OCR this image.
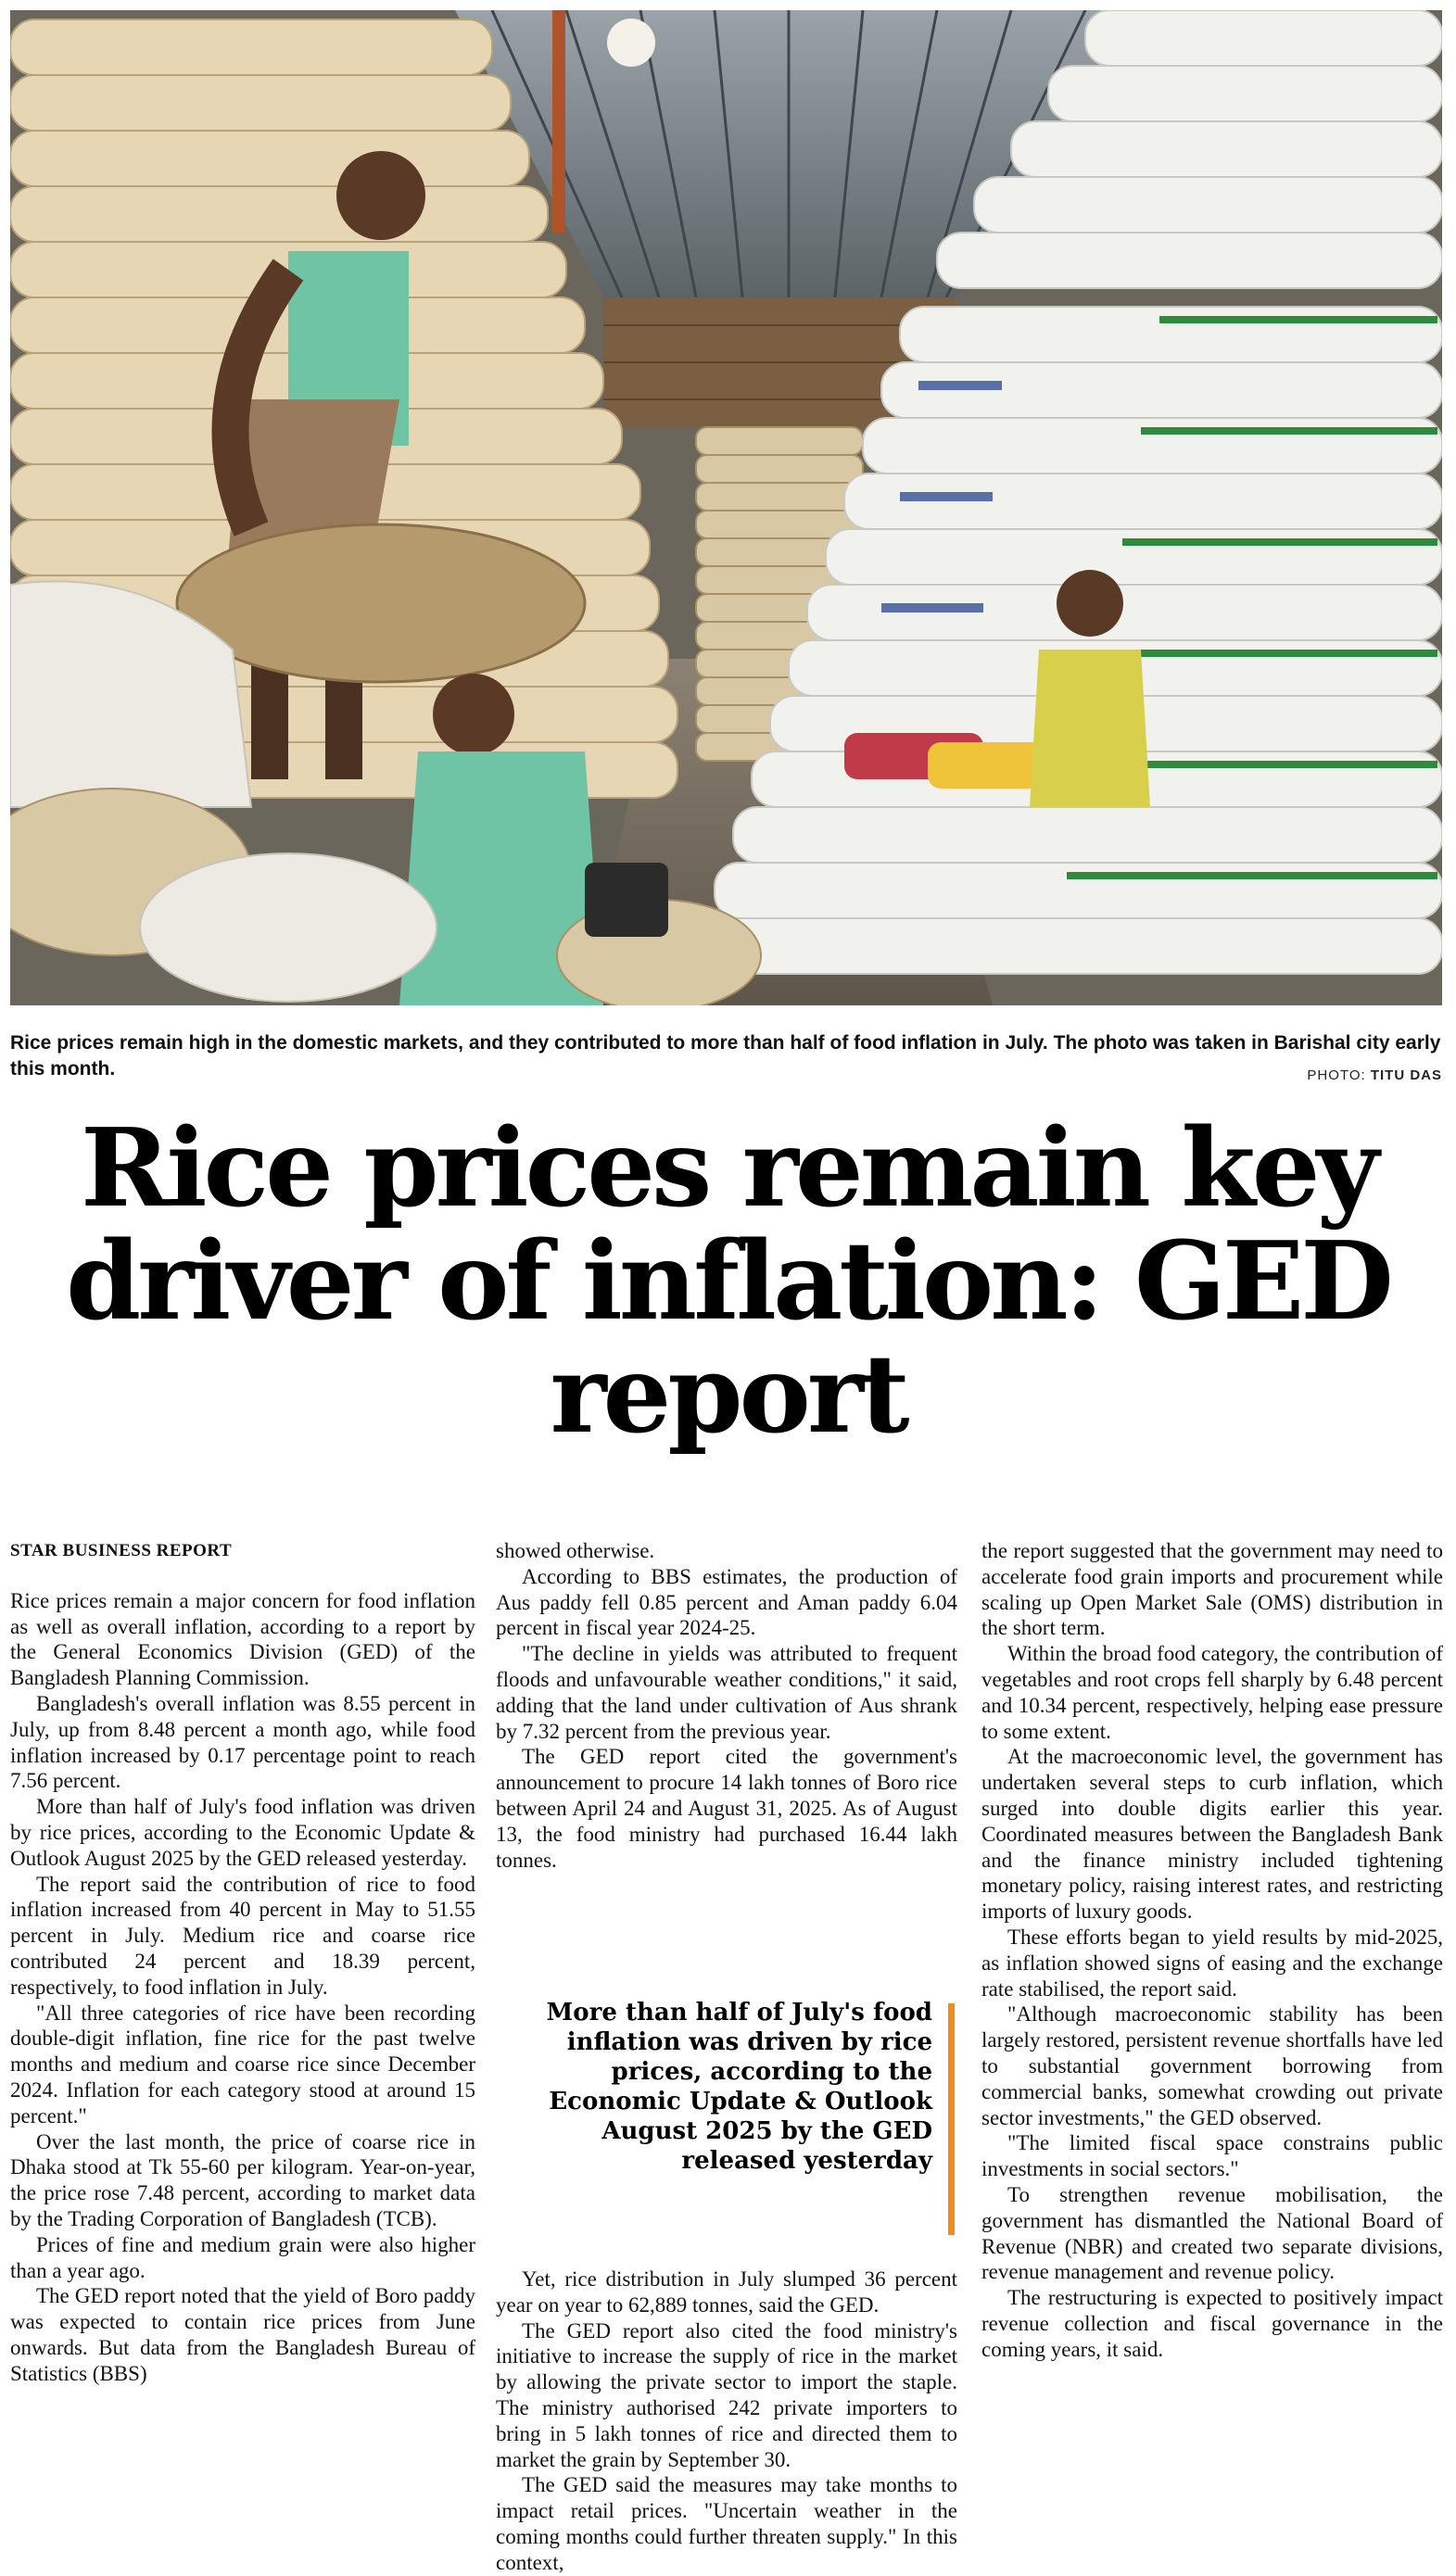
Rice prices remain high in the domestic markets, and they contributed to more than half of food inflation in July. The photo was taken in Barishal city early this month.	PHOTO: TITU DAS
Rice prices remain key driver of inflation: GED report
STAR BUSINESS REPORT

Rice prices remain a major concern for food inflation as well as overall inflation, according to a report by the General Economics Division (GED) of the Bangladesh Planning Commission.

Bangladesh's overall inflation was 8.55 percent in July, up from 8.48 percent a month ago, while food inflation increased by 0.17 percentage point to reach 7.56 percent.

More than half of July's food inflation was driven by rice prices, according to the Economic Update & Outlook August 2025 by the GED released yesterday.

The report said the contribution of rice to food inflation increased from 40 percent in May to 51.55 percent in July. Medium rice and coarse rice contributed 24 percent and 18.39 percent, respectively, to food inflation in July.

"All three categories of rice have been recording double-digit inflation, fine rice for the past twelve months and medium and coarse rice since December 2024. Inflation for each category stood at around 15 percent."

Over the last month, the price of coarse rice in Dhaka stood at Tk 55-60 per kilogram. Year-on-year, the price rose 7.48 percent, according to market data by the Trading Corporation of Bangladesh (TCB).

Prices of fine and medium grain were also higher than a year ago.

The GED report noted that the yield of Boro paddy was expected to contain rice prices from June onwards. But data from the Bangladesh Bureau of Statistics (BBS)

showed otherwise.

According to BBS estimates, the production of Aus paddy fell 0.85 percent and Aman paddy 6.04 percent in fiscal year 2024-25.

"The decline in yields was attributed to frequent floods and unfavourable weather conditions," it said, adding that the land under cultivation of Aus shrank by 7.32 percent from the previous year.

The GED report cited the government's announcement to procure 14 lakh tonnes of Boro rice between April 24 and August 31, 2025. As of August 13, the food ministry had purchased 16.44 lakh tonnes.

More than half of July's food inflation was driven by rice prices, according to the Economic Update & Outlook August 2025 by the GED released yesterday

Yet, rice distribution in July slumped 36 percent year on year to 62,889 tonnes, said the GED.

The GED report also cited the food ministry's initiative to increase the supply of rice in the market by allowing the private sector to import the staple. The ministry authorised 242 private importers to bring in 5 lakh tonnes of rice and directed them to market the grain by September 30.

The GED said the measures may take months to impact retail prices. "Uncertain weather in the coming months could further threaten supply." In this context,

the report suggested that the government may need to accelerate food grain imports and procurement while scaling up Open Market Sale (OMS) distribution in the short term.

Within the broad food category, the contribution of vegetables and root crops fell sharply by 6.48 percent and 10.34 percent, respectively, helping ease pressure to some extent.

At the macroeconomic level, the government has undertaken several steps to curb inflation, which surged into double digits earlier this year. Coordinated measures between the Bangladesh Bank and the finance ministry included tightening monetary policy, raising interest rates, and restricting imports of luxury goods.

These efforts began to yield results by mid-2025, as inflation showed signs of easing and the exchange rate stabilised, the report said.

"Although macroeconomic stability has been largely restored, persistent revenue shortfalls have led to substantial government borrowing from commercial banks, somewhat crowding out private sector investments," the GED observed.

"The limited fiscal space constrains public investments in social sectors."

To strengthen revenue mobilisation, the government has dismantled the National Board of Revenue (NBR) and created two separate divisions, revenue management and revenue policy.

The restructuring is expected to positively impact revenue collection and fiscal governance in the coming years, it said.
